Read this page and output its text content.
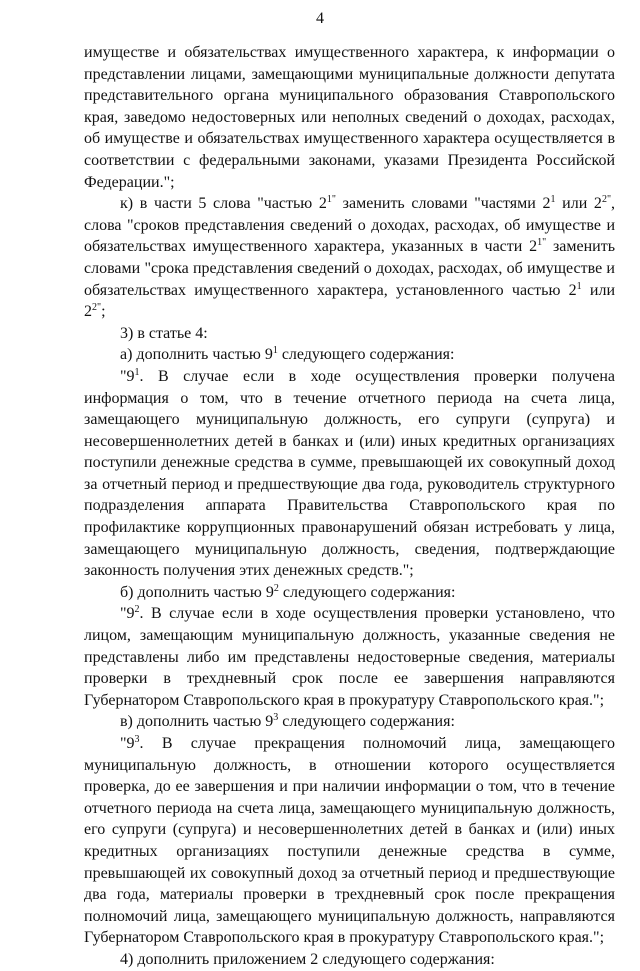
4

имуществе и обязательствах имущественного характера, к информации о представлении лицами, замещающими муниципальные должности депутата представительного органа муниципального образования Ставропольского края, заведомо недостоверных или неполных сведений о доходах, расходах, об имуществе и обязательствах имущественного характера осуществляется в соответствии с федеральными законами, указами Президента Российской Федерации.";

к) в части 5 слова "частью $2^{1"}$ заменить словами "частями $2^1$ или $2^{2"}$, слова "сроков представления сведений о доходах, расходах, об имуществе и обязательствах имущественного характера, указанных в части $2^{1"}$ заменить словами "срока представления сведений о доходах, расходах, об имуществе и обязательствах имущественного характера, установленного частью $2^1$ или $2^{2"}$;

3) в статье 4:

а) дополнить частью $9^1$ следующего содержания:

"$9^1$. В случае если в ходе осуществления проверки получена информация о том, что в течение отчетного периода на счета лица, замещающего муниципальную должность, его супруги (супруга) и несовершеннолетних детей в банках и (или) иных кредитных организациях поступили денежные средства в сумме, превышающей их совокупный доход за отчетный период и предшествующие два года, руководитель структурного подразделения аппарата Правительства Ставропольского края по профилактике коррупционных правонарушений обязан истребовать у лица, замещающего муниципальную должность, сведения, подтверждающие законность получения этих денежных средств.";

б) дополнить частью $9^2$ следующего содержания:

"$9^2$. В случае если в ходе осуществления проверки установлено, что лицом, замещающим муниципальную должность, указанные сведения не представлены либо им представлены недостоверные сведения, материалы проверки в трехдневный срок после ее завершения направляются Губернатором Ставропольского края в прокуратуру Ставропольского края.";

в) дополнить частью $9^3$ следующего содержания:

"$9^3$. В случае прекращения полномочий лица, замещающего муниципальную должность, в отношении которого осуществляется проверка, до ее завершения и при наличии информации о том, что в течение отчетного периода на счета лица, замещающего муниципальную должность, его супруги (супруга) и несовершеннолетних детей в банках и (или) иных кредитных организациях поступили денежные средства в сумме, превышающей их совокупный доход за отчетный период и предшествующие два года, материалы проверки в трехдневный срок после прекращения полномочий лица, замещающего муниципальную должность, направляются Губернатором Ставропольского края в прокуратуру Ставропольского края.";

4) дополнить приложением 2 следующего содержания:
